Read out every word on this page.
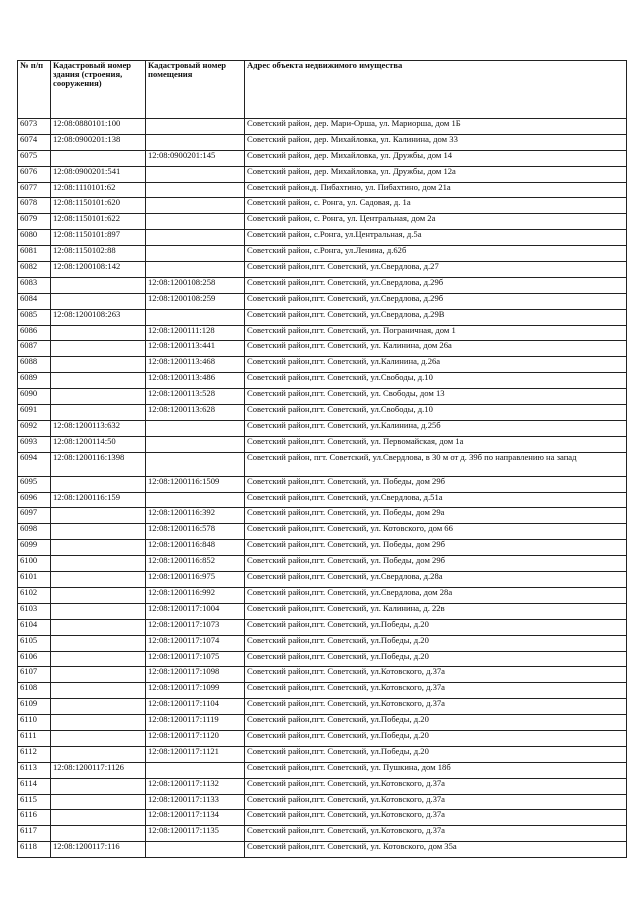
№ п/п	Кадастровый номер здания (строения, сооружения)	Кадастровый номер помещения	Адрес объекта недвижимого имущества
6073	12:08:0880101:100		Советский район, дер. Мари-Орша, ул. Мариорша, дом 1Б
6074	12:08:0900201:138		Советский район, дер. Михайловка, ул. Калинина, дом 33
6075		12:08:0900201:145	Советский район, дер. Михайловка, ул. Дружбы, дом 14
6076	12:08:0900201:541		Советский район, дер. Михайловка, ул. Дружбы, дом 12а
6077	12:08:1110101:62		Советский район,д. Пибахтино, ул. Пибахтино, дом 21а
6078	12:08:1150101:620		Советский район, с. Ронга, ул. Садовая, д. 1а
6079	12:08:1150101:622		Советский район, с. Ронга, ул. Центральная, дом 2а
6080	12:08:1150101:897		Советский район, с.Ронга, ул.Центральная, д.5а
6081	12:08:1150102:88		Советский район, с.Ронга, ул.Ленина, д.62б
6082	12:08:1200108:142		Советский район,пгт. Советский, ул.Свердлова, д.27
6083		12:08:1200108:258	Советский район,пгт. Советский, ул.Свердлова, д.29б
6084		12:08:1200108:259	Советский район,пгт. Советский, ул.Свердлова, д.29б
6085	12:08:1200108:263		Советский район,пгт. Советский, ул.Свердлова, д.29В
6086		12:08:1200111:128	Советский район,пгт. Советский, ул. Пограничная, дом 1
6087		12:08:1200113:441	Советский район,пгт. Советский, ул. Калинина, дом 26а
6088		12:08:1200113:468	Советский район,пгт. Советский, ул.Калинина, д.26а
6089		12:08:1200113:486	Советский район,пгт. Советский, ул.Свободы, д.10
6090		12:08:1200113:528	Советский район,пгт. Советский, ул. Свободы, дом 13
6091		12:08:1200113:628	Советский район,пгт. Советский, ул.Свободы, д.10
6092	12:08:1200113:632		Советский район,пгт. Советский, ул.Калинина, д.25б
6093	12:08:1200114:50		Советский район,пгт. Советский, ул. Первомайская, дом 1а
6094	12:08:1200116:1398		Советский район, пгт. Советский, ул.Свердлова, в 30 м от д. 39б по направлению на запад
6095		12:08:1200116:1509	Советский район,пгт. Советский, ул. Победы, дом 29б
6096	12:08:1200116:159		Советский район,пгт. Советский, ул.Свердлова, д.51а
6097		12:08:1200116:392	Советский район,пгт. Советский, ул. Победы, дом 29а
6098		12:08:1200116:578	Советский район,пгт. Советский, ул. Котовского, дом 66
6099		12:08:1200116:848	Советский район,пгт. Советский, ул. Победы, дом 29б
6100		12:08:1200116:852	Советский район,пгт. Советский, ул. Победы, дом 29б
6101		12:08:1200116:975	Советский район,пгт. Советский, ул.Свердлова, д.28а
6102		12:08:1200116:992	Советский район,пгт. Советский, ул.Свердлова, дом 28а
6103		12:08:1200117:1004	Советский район,пгт. Советский, ул. Калинина, д. 22в
6104		12:08:1200117:1073	Советский район,пгт. Советский, ул.Победы, д.20
6105		12:08:1200117:1074	Советский район,пгт. Советский, ул.Победы, д.20
6106		12:08:1200117:1075	Советский район,пгт. Советский, ул.Победы, д.20
6107		12:08:1200117:1098	Советский район,пгт. Советский, ул.Котовского, д.37а
6108		12:08:1200117:1099	Советский район,пгт. Советский, ул.Котовского, д.37а
6109		12:08:1200117:1104	Советский район,пгт. Советский, ул.Котовского, д.37а
6110		12:08:1200117:1119	Советский район,пгт. Советский, ул.Победы, д.20
6111		12:08:1200117:1120	Советский район,пгт. Советский, ул.Победы, д.20
6112		12:08:1200117:1121	Советский район,пгт. Советский, ул.Победы, д.20
6113	12:08:1200117:1126		Советский район,пгт. Советский, ул. Пушкина, дом 18б
6114		12:08:1200117:1132	Советский район,пгт. Советский, ул.Котовского, д.37а
6115		12:08:1200117:1133	Советский район,пгт. Советский, ул.Котовского, д.37а
6116		12:08:1200117:1134	Советский район,пгт. Советский, ул.Котовского, д.37а
6117		12:08:1200117:1135	Советский район,пгт. Советский, ул.Котовского, д.37а
6118	12:08:1200117:116		Советский район,пгт. Советский, ул. Котовского, дом 35а
